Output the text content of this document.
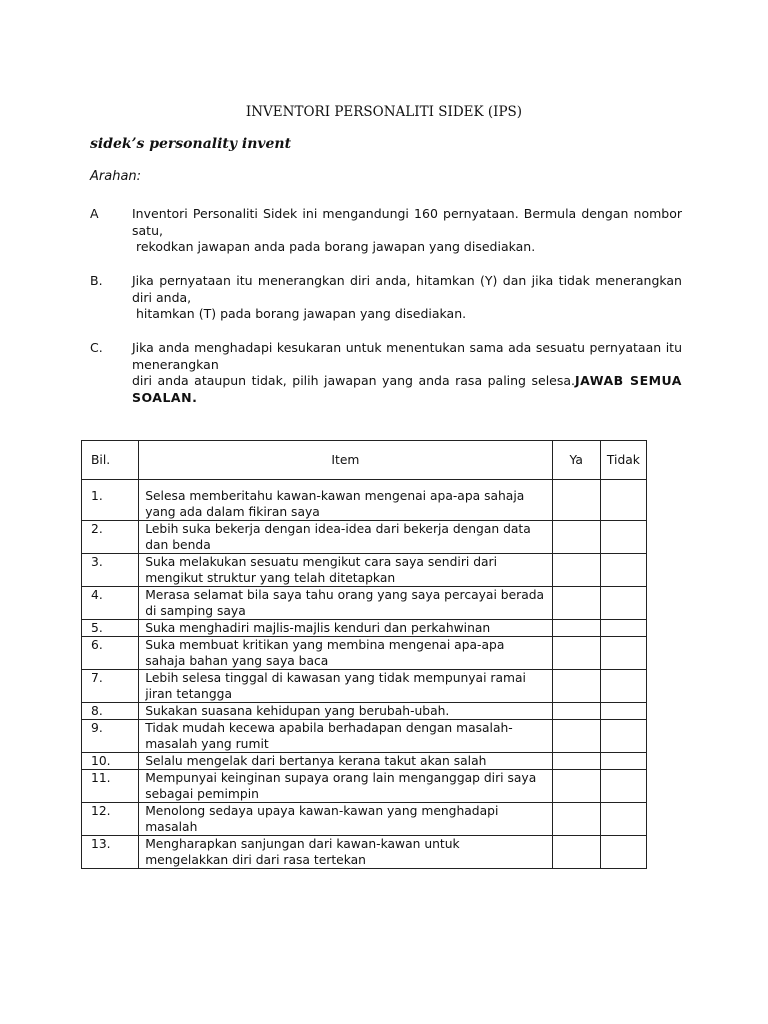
INVENTORI PERSONALITI SIDEK (IPS)
sidek’s personality invent
Arahan:
A	Inventori Personaliti Sidek ini mengandungi 160 pernyataan. Bermula dengan nombor satu,
rekodkan jawapan anda pada borang jawapan yang disediakan.
B. Jika pernyataan itu menerangkan diri anda, hitamkan (Y) dan jika tidak menerangkan diri anda,
hitamkan (T) pada borang jawapan yang disediakan.
C. Jika anda menghadapi kesukaran untuk menentukan sama ada sesuatu pernyataan itu menerangkan
diri anda ataupun tidak, pilih jawapan yang anda rasa paling selesa.JAWAB SEMUA SOALAN.
Bil.	Item	Ya	Tidak

1.	Selesa memberitahu kawan-kawan mengenai apa-apa sahaja yang ada dalam fikiran saya		
2.	Lebih suka bekerja dengan idea-idea dari bekerja dengan data dan benda		
3.	Suka melakukan sesuatu mengikut cara saya sendiri dari mengikut struktur yang telah ditetapkan		
4.	Merasa selamat bila saya tahu orang yang saya percayai berada di samping saya		
5.	Suka menghadiri majlis-majlis kenduri dan perkahwinan		
6.	Suka membuat kritikan yang membina mengenai apa-apa sahaja bahan yang saya baca		
7.	Lebih selesa tinggal di kawasan yang tidak mempunyai ramai jiran tetangga		
8.	Sukakan suasana kehidupan yang berubah-ubah.		
9.	Tidak mudah kecewa apabila berhadapan dengan masalah-masalah yang rumit		
10.	Selalu mengelak dari bertanya kerana takut akan salah		
11.	Mempunyai keinginan supaya orang lain menganggap diri saya sebagai pemimpin		
12.	Menolong sedaya upaya kawan-kawan yang menghadapi masalah		
13.	Mengharapkan sanjungan dari kawan-kawan untuk mengelakkan diri dari rasa tertekan		
